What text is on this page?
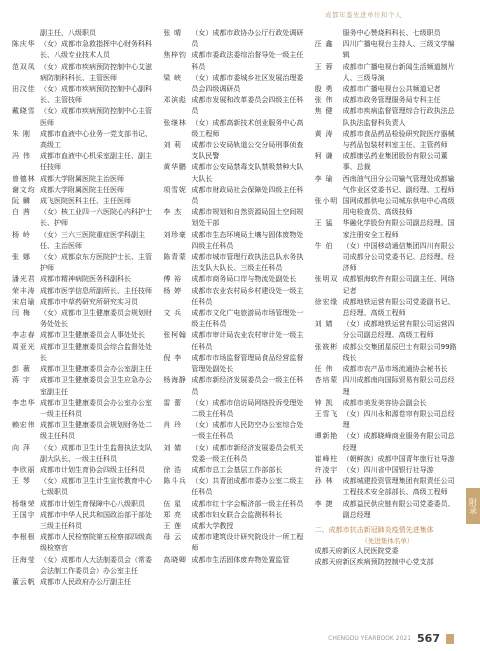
成都年鉴先进单位和个人
副主任、八级职员
陈庆华 （女）成都市急救指挥中心财务科科长、八级专业技术人员
范双凤 （女）成都市疾病预防控制中心艾滋病防制科科长、主管医师
田汶佳 （女）成都市疾病预防控制中心副科长、主管技师
戴晓雪 （女）成都市疾病预防控制中心主管医师
朱 刚	成都市血液中心业务一党支部书记、高级工
冯 伟	成都市血液中心机采室副主任、副主任技师
曾德林 成都大学附属医院主治医师
谢文均 成都大学附属医院主任医师
阮 麟	成飞医院医科主任、主任医师
白 茜	（女）核工业四一六医院心内科护士长、护师
杨 岭	（女）三六三医院重症医学科副主任、主治医师
张 娜	（女）成都京东方医院护士长、主管护师
潘光君 成都市精神病院医务科副科长
荣丰涛 成都市医学信息所副所长、主任技师
宋启瑜 成都市中草药研究所研究实习员
闫 梅	（女）成都市卫生健康委员会规划财务处处长
李志春 成都市卫生健康委员会人事处处长
周亚光 成都市卫生健康委员会综合监督处处长
彭 薇	成都市卫生健康委员会办公室副主任
蒋 宇	成都市卫生健康委员会卫生应急办公室副主任
李忠华 成都市卫生健康委员会办公室办公室一级主任科员
赖宏伟 成都市卫生健康委员会规划财务处二级主任科员
向 萍	（女）成都市卫生计生监督执法支队副大队长、一级主任科员
李欣丽 成都市计划生育协会四级主任科员
王 琴	（女）成都市卫生计生宣传教育中心七级职员
杨继荣 成都市计划生育保障中心八级职员
王国宇 成都市中华人民共和国政治部干部处三级主任科员
李根根 成都市人民检察院第五检察部四级高级检察官
汪海莹 （女）成都市人大法制委员会（常委会法制工作委员会）办公室主任
董云帆 成都市人民政府办公厅副主任
张 晴	（女）成都市政协办公厅行政处调研员
焦梓钧 成都市委政法委综治督导处一级主任科员
梁 峡	（女）成都市委城乡社区发展治理委员会四级调研员
邓滨彪 成都市发展和改革委员会四级主任科员
张继林 （女）成都高新技术创业服务中心高级工程师
刘 莉	成都市公安局轨道公交分局刑事侦查支队民警
黄华鹏 成都市公安局禁毒支队禁吸禁种大队大队长
项雪妮 成都市财政局社会保障处四级主任科员
李 杰	成都市规划和自然资源局国土空间规划处干部
刘珍豪 成都市生态环境局土壤与固体废物处四级主任科员
陈青蒙 成都市城市管理行政执法总队水务执法支队大队长、三级主任科员
傅 裕	成都市商务局口岸与物流处副处长
杨 婷	成都市农业农村局乡村建设处一级主任科员
文 兵	成都市文化广电旅游局市场管理处一级主任科员
张柯翰 成都市审计局农业农村审计处一级主任科员
倪 李	成都市市场监督管理局食品经营监督管理处副处长
杨海静 成都市新经济发展委员会一级主任科员
雷 蕾	（女）成都市信访局网络投诉受理处二级主任科员
肖 玲	（女）成都市人民防空办公室综合处一级主任科员
刘 婧	（女）成都市新经济发展委员会机关党委一级主任科员
徐 浩	成都市总工会基层工作部部长
陈斗兵 （女）共青团成都市委办公室二级主任科员
伍 星	成都市红十字会赈济部一级主任科员
郑 亮	成都市妇女联合会监测科科长
王 莲	成都大学教授
母 云	成都市建筑设计研究院设计一所工程师
高晓卿 成都市生活固体废弃物处置监管
服务中心赞烧科科长、七级职员
汪 鑫	四川广播电视台主持人、三级文学编辑
王 蓉	成都市广播电视台新闻生活频道制片人、三级导演
殷 勇	成都市广播电视台公共频道记者
张 伟	成都市政务管理服务局专科主任
焦 健	成都市疾病监督管理综合行政执法总队执法监督科负责人
黄 涛	成都市食品药品检验研究院医疗器械与药品包装材料室主任、主管药师
柯 谦	成都康弘药业集团股份有限公司董事、总裁
李 瑜	西南油气田分公司输气管理处成都输气作业区党委书记、副经理、工程师
张小明 国网成都供电公司城东供电中心高级用电检查员、高级技师
王 猛	华融化学股份有限公司副总经理、国家注册安全工程师
牛 伯	（女）中国移动通信集团四川有限公司成都分公司党委书记、总经理、经济师
张明双 成都银海软件有限公司副主任、网络记者
徐宏缘 成都地铁运营有限公司党委副书记、总经理、高级工程师
刘 婧	（女）成都地铁运营有限公司运营四分公司副总经理、高级工程师
张筱彬 成都公交集团星辰巴士有限公司99路线长
任 伟	成都市农产品市场流通协会秘书长
杏培蒙 四川成都南向国际贸易有限公司总经理
钟 凯	成都市美发美容协会副会长
王雪飞 （女）四川永和源卷帘有限公司总经理
谭新艳 （女）成都晓峰商业服务有限公司总经理
崔峰柱 （朝鲜族）成都中国青年旅行社导游
许凌宇 （女）四川省中国银行社导游
孙 林	成都城建投资管理集团有限责任公司工程技术安全部部长、高级工程师
李 捷	成都益民供应链有限公司党委委员、副总经理
二、成都市抗击新冠肺炎疫情先进集体
（先进集体名单）
成都天府新区人民医院党委
成都天府新区疾病预防控制中心党支部
附录
CHENGDU YEARBOOK 2021 567
